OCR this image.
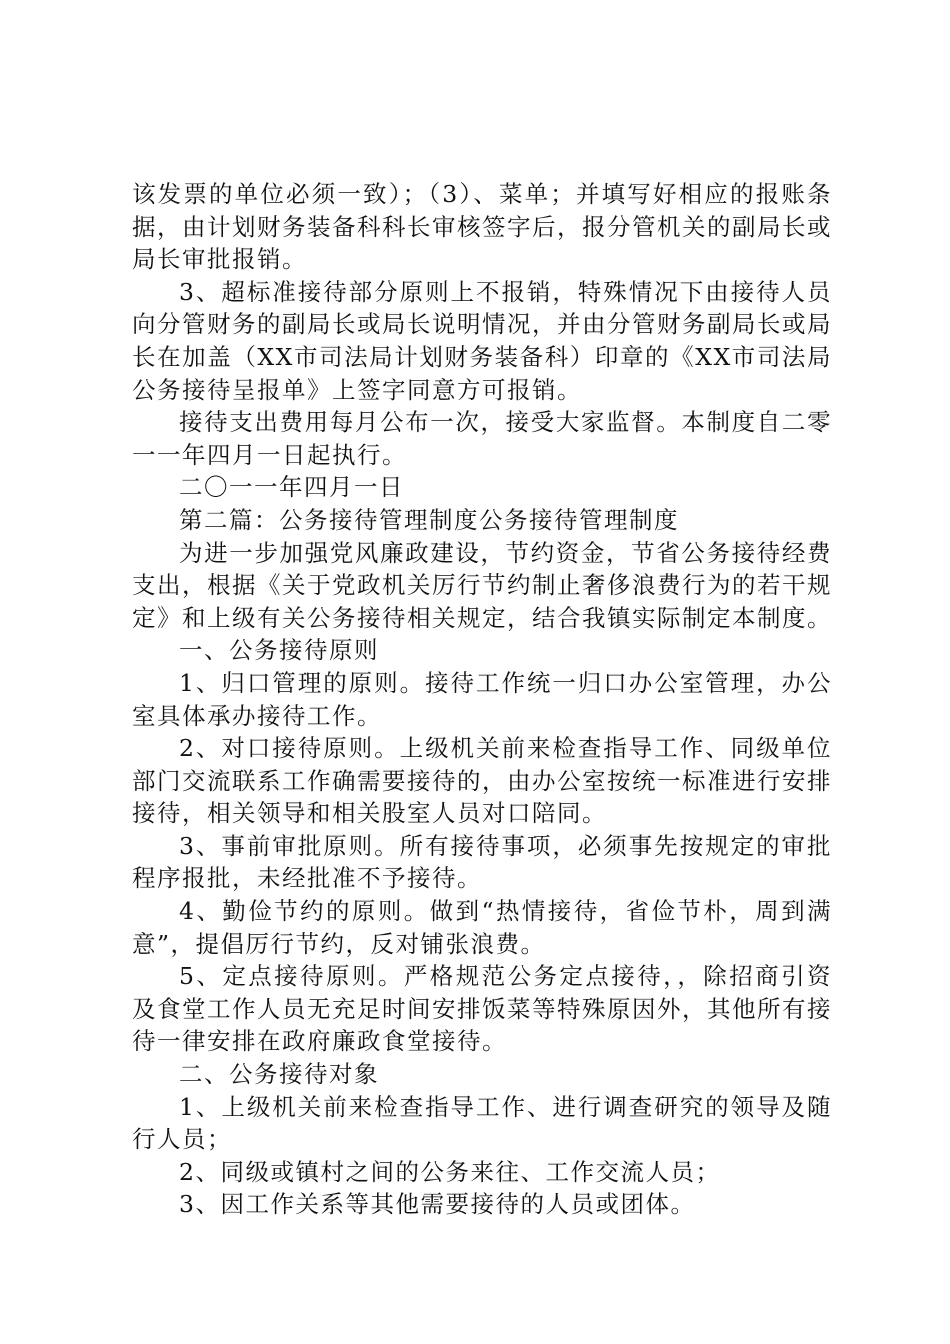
该发票的单位必须一致）；（3）、菜单；并填写好相应的报账条据，由计划财务装备科科长审核签字后，报分管机关的副局长或局长审批报销。

3、超标准接待部分原则上不报销，特殊情况下由接待人员向分管财务的副局长或局长说明情况，并由分管财务副局长或局长在加盖（XX市司法局计划财务装备科）印章的《XX市司法局公务接待呈报单》上签字同意方可报销。

接待支出费用每月公布一次，接受大家监督。本制度自二零一一年四月一日起执行。

二〇一一年四月一日

第二篇：公务接待管理制度公务接待管理制度

为进一步加强党风廉政建设，节约资金，节省公务接待经费支出，根据《关于党政机关厉行节约制止奢侈浪费行为的若干规定》和上级有关公务接待相关规定，结合我镇实际制定本制度。

一、公务接待原则

1、归口管理的原则。接待工作统一归口办公室管理，办公室具体承办接待工作。

2、对口接待原则。上级机关前来检查指导工作、同级单位部门交流联系工作确需要接待的，由办公室按统一标准进行安排接待，相关领导和相关股室人员对口陪同。

3、事前审批原则。所有接待事项，必须事先按规定的审批程序报批，未经批准不予接待。

4、勤俭节约的原则。做到“热情接待，省俭节朴，周到满意”，提倡厉行节约，反对铺张浪费。

5、定点接待原则。严格规范公务定点接待，，除招商引资及食堂工作人员无充足时间安排饭菜等特殊原因外，其他所有接待一律安排在政府廉政食堂接待。

二、公务接待对象

1、上级机关前来检查指导工作、进行调查研究的领导及随行人员；

2、同级或镇村之间的公务来往、工作交流人员；

3、因工作关系等其他需要接待的人员或团体。
